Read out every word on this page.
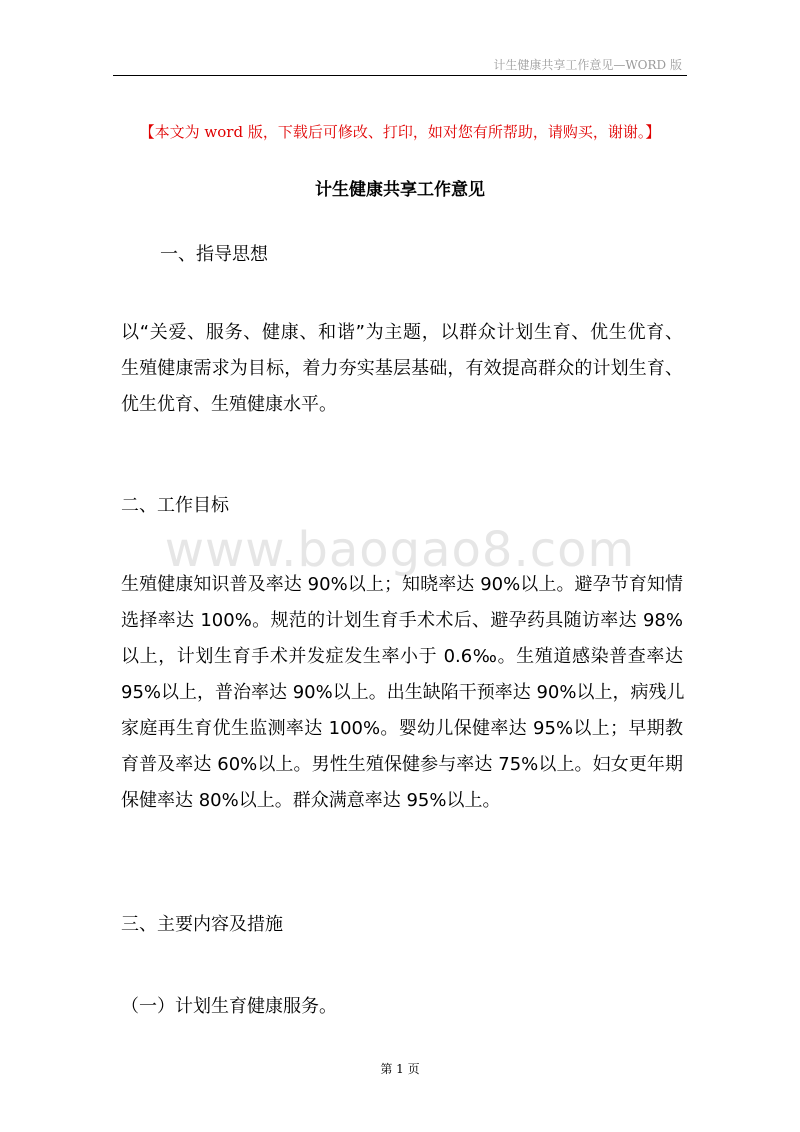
计生健康共享工作意见—WORD 版
【本文为 word 版，下载后可修改、打印，如对您有所帮助，请购买，谢谢。】
计生健康共享工作意见
一、指导思想
以“关爱、服务、健康、和谐”为主题，以群众计划生育、优生优育、
生殖健康需求为目标，着力夯实基层基础，有效提高群众的计划生育、
优生优育、生殖健康水平。
二、工作目标
www.baogao8.com
生殖健康知识普及率达 90%以上；知晓率达 90%以上。避孕节育知情
选择率达 100%。规范的计划生育手术术后、避孕药具随访率达 98%
以上，计划生育手术并发症发生率小于 0.6‰。生殖道感染普查率达
95%以上，普治率达 90%以上。出生缺陷干预率达 90%以上，病残儿
家庭再生育优生监测率达 100%。婴幼儿保健率达 95%以上；早期教
育普及率达 60%以上。男性生殖保健参与率达 75%以上。妇女更年期
保健率达 80%以上。群众满意率达 95%以上。
三、主要内容及措施
（一）计划生育健康服务。
第 1 页
